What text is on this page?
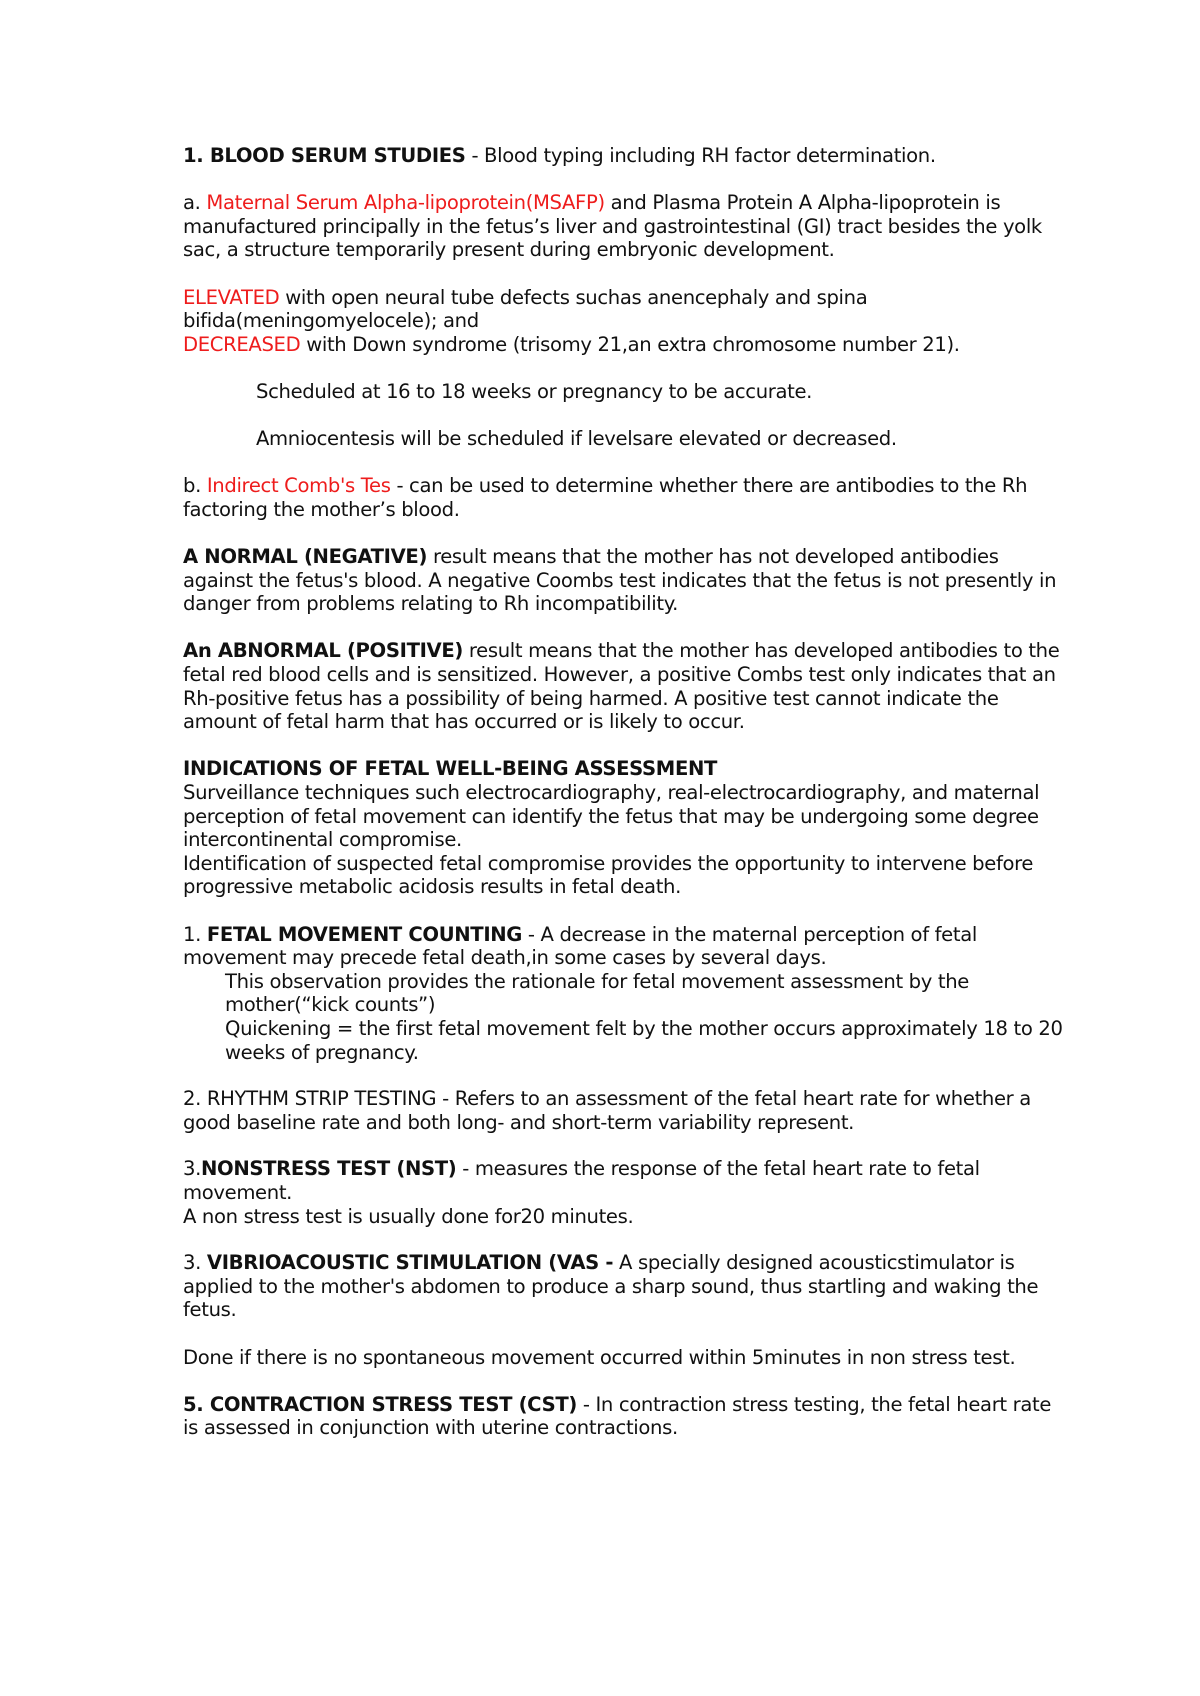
1. BLOOD SERUM STUDIES - Blood typing including RH factor determination.

a. Maternal Serum Alpha-lipoprotein(MSAFP) and Plasma Protein A Alpha-lipoprotein is manufactured principally in the fetus’s liver and gastrointestinal (GI) tract besides the yolk sac, a structure temporarily present during embryonic development.

ELEVATED with open neural tube defects suchas anencephaly and spina bifida(meningomyelocele); and

DECREASED with Down syndrome (trisomy 21,an extra chromosome number 21).

Scheduled at 16 to 18 weeks or pregnancy to be accurate.

Amniocentesis will be scheduled if levelsare elevated or decreased.

b. Indirect Comb's Tes - can be used to determine whether there are antibodies to the Rh factoring the mother’s blood.

A NORMAL (NEGATIVE) result means that the mother has not developed antibodies against the fetus's blood. A negative Coombs test indicates that the fetus is not presently in danger from problems relating to Rh incompatibility.

An ABNORMAL (POSITIVE) result means that the mother has developed antibodies to the fetal red blood cells and is sensitized. However, a positive Combs test only indicates that an Rh-positive fetus has a possibility of being harmed. A positive test cannot indicate the amount of fetal harm that has occurred or is likely to occur.

INDICATIONS OF FETAL WELL-BEING ASSESSMENT

Surveillance techniques such electrocardiography, real-electrocardiography, and maternal perception of fetal movement can identify the fetus that may be undergoing some degree intercontinental compromise.

Identification of suspected fetal compromise provides the opportunity to intervene before progressive metabolic acidosis results in fetal death.

1. FETAL MOVEMENT COUNTING - A decrease in the maternal perception of fetal movement may precede fetal death,in some cases by several days.

This observation provides the rationale for fetal movement assessment by the mother(“kick counts”)

Quickening = the first fetal movement felt by the mother occurs approximately 18 to 20 weeks of pregnancy.

2. RHYTHM STRIP TESTING - Refers to an assessment of the fetal heart rate for whether a good baseline rate and both long- and short-term variability represent.

3.NONSTRESS TEST (NST) - measures the response of the fetal heart rate to fetal movement.

A non stress test is usually done for20 minutes.

3. VIBRIOACOUSTIC STIMULATION (VAS - A specially designed acousticstimulator is applied to the mother's abdomen to produce a sharp sound, thus startling and waking the fetus.

Done if there is no spontaneous movement occurred within 5minutes in non stress test.

5. CONTRACTION STRESS TEST (CST) - In contraction stress testing, the fetal heart rate is assessed in conjunction with uterine contractions.
